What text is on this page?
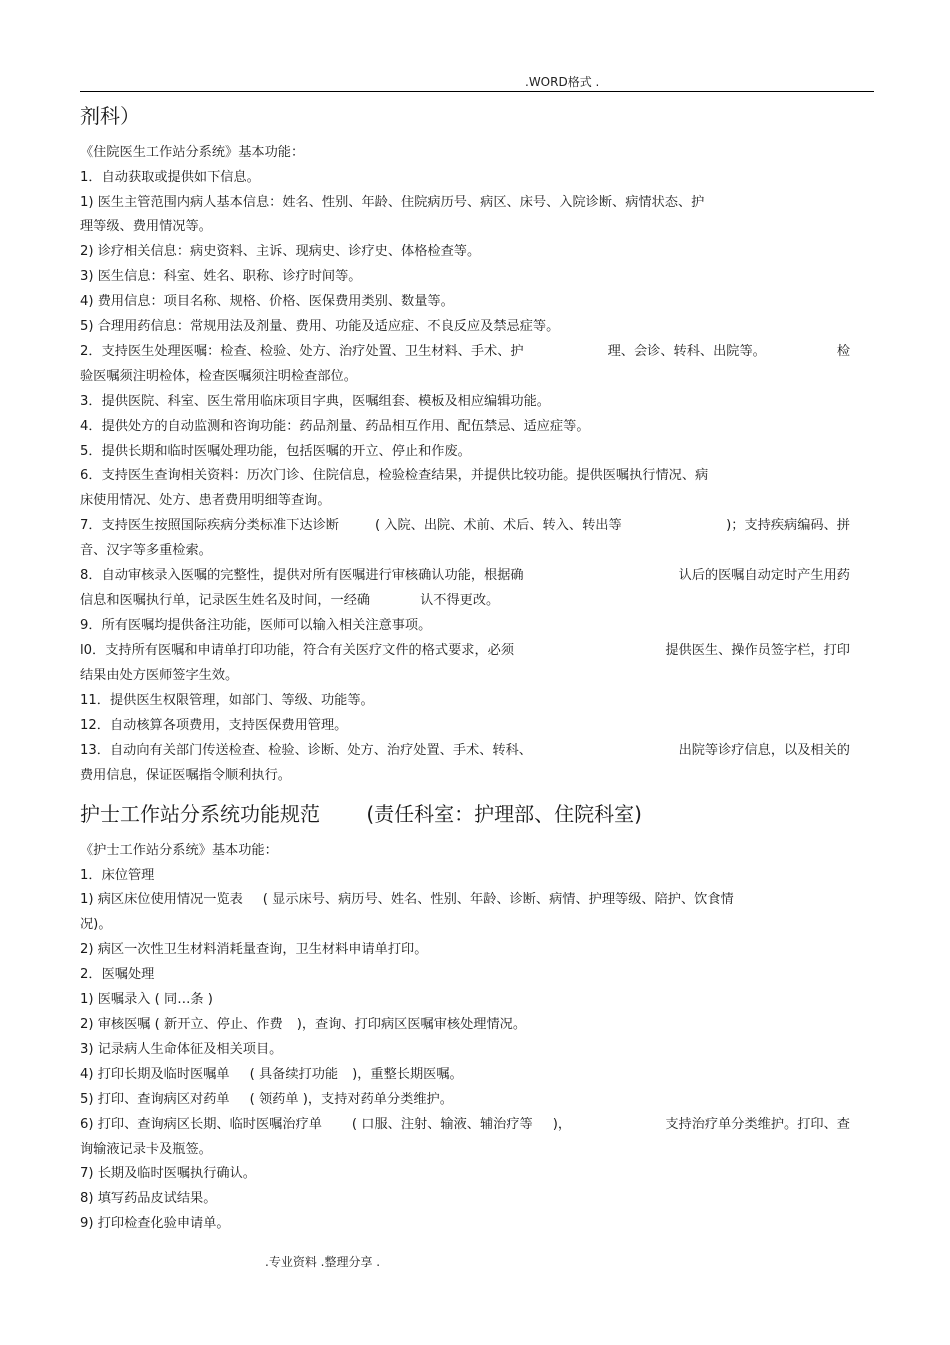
.WORD格式 .
剂科）
《住院医生工作站分系统》基本功能：
1．自动获取或提供如下信息。
1) 医生主管范围内病人基本信息：姓名、性别、年龄、住院病历号、病区、床号、入院诊断、病情状态、护
理等级、费用情况等。
2) 诊疗相关信息：病史资料、主诉、现病史、诊疗史、体格检查等。
3) 医生信息：科室、姓名、职称、诊疗时间等。
4) 费用信息：项目名称、规格、价格、医保费用类别、数量等。
5) 合理用药信息：常规用法及剂量、费用、功能及适应症、不良反应及禁忌症等。
2．支持医生处理医嘱：检查、检验、处方、治疗处置、卫生材料、手术、护	理、会诊、转科、出院等。	检
验医嘱须注明检体，检查医嘱须注明检查部位。
3．提供医院、科室、医生常用临床项目字典，医嘱组套、模板及相应编辑功能。
4．提供处方的自动监测和咨询功能：药品剂量、药品相互作用、配伍禁忌、适应症等。
5．提供长期和临时医嘱处理功能，包括医嘱的开立、停止和作废。
6．支持医生查询相关资料：历次门诊、住院信息，检验检查结果，并提供比较功能。提供医嘱执行情况、病
床使用情况、处方、患者费用明细等查询。
7．支持医生按照国际疾病分类标准下达诊断	( 入院、出院、术前、术后、转入、转出等	)；支持疾病编码、拼
音、汉字等多重检索。
8．自动审核录入医嘱的完整性，提供对所有医嘱进行审核确认功能，根据确	认后的医嘱自动定时产生用药
信息和医嘱执行单，记录医生姓名及时间，一经确	认不得更改。
9．所有医嘱均提供备注功能，医师可以输入相关注意事项。
l0．支持所有医嘱和申请单打印功能，符合有关医疗文件的格式要求，必须	提供医生、操作员签字栏，打印
结果由处方医师签字生效。
11．提供医生权限管理，如部门、等级、功能等。
12．自动核算各项费用，支持医保费用管理。
13．自动向有关部门传送检查、检验、诊断、处方、治疗处置、手术、转科、	出院等诊疗信息，以及相关的
费用信息，保证医嘱指令顺利执行。
护士工作站分系统功能规范 (责任科室：护理部、住院科室)
《护士工作站分系统》基本功能：
1．床位管理
1) 病区床位使用情况一览表 ( 显示床号、病历号、姓名、性别、年龄、诊断、病情、护理等级、陪护、饮食情
况)。
2) 病区一次性卫生材料消耗量查询，卫生材料申请单打印。
2．医嘱处理
1) 医嘱录入 ( 同…条 )
2) 审核医嘱 ( 新开立、停止、作费 )，查询、打印病区医嘱审核处理情况。
3) 记录病人生命体征及相关项目。
4) 打印长期及临时医嘱单 ( 具备续打功能 )，重整长期医嘱。
5) 打印、查询病区对药单 ( 领药单 )，支持对药单分类维护。
6) 打印、查询病区长期、临时医嘱治疗单 ( 口服、注射、输液、辅治疗等 )，	支持治疗单分类维护。打印、查
询输液记录卡及瓶签。
7) 长期及临时医嘱执行确认。
8) 填写药品皮试结果。
9) 打印检查化验申请单。
.专业资料 .整理分享 .
